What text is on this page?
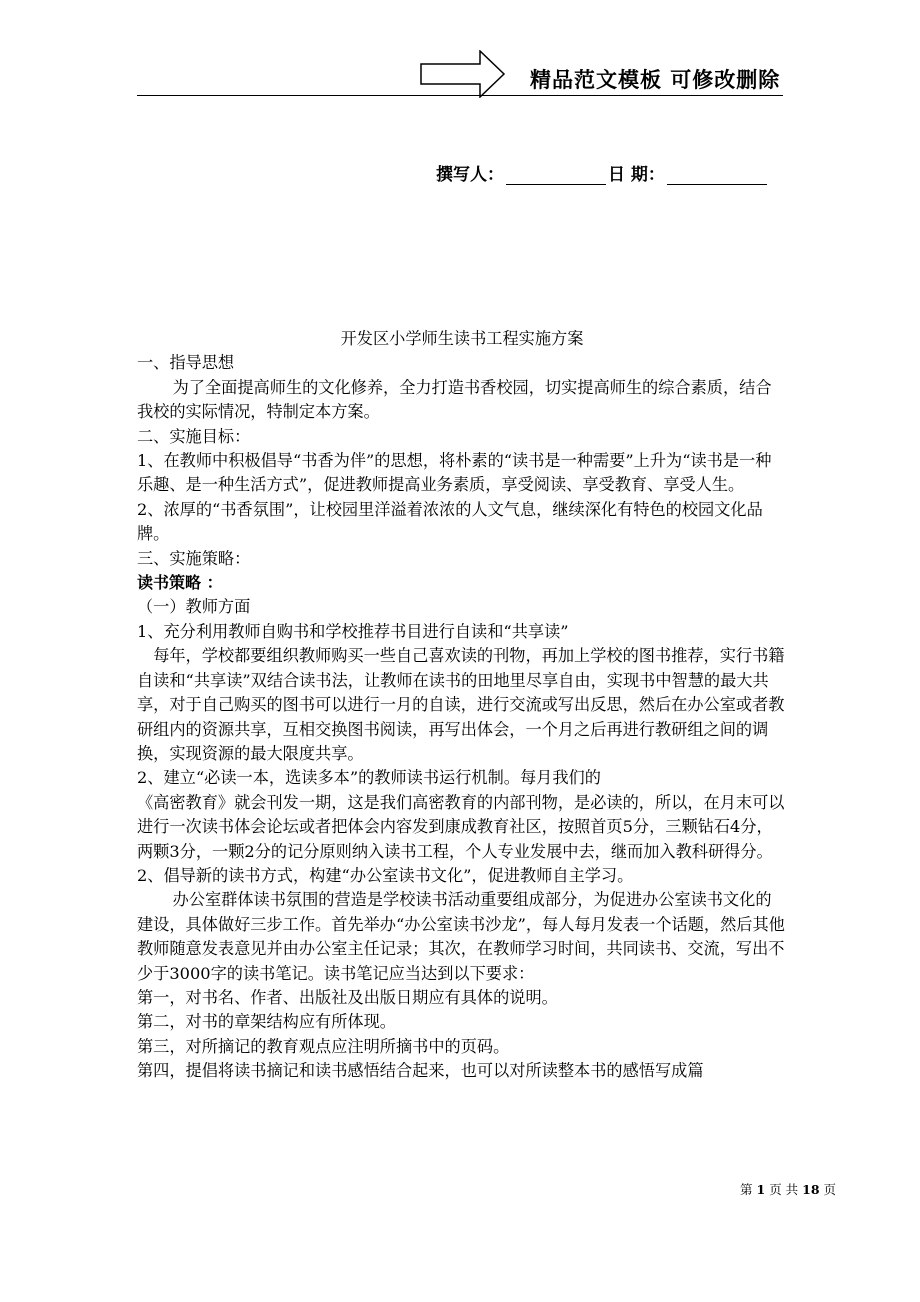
精品范文模板 可修改删除
撰写人：	日 期：

开发区小学师生读书工程实施方案

一、指导思想

为了全面提高师生的文化修养，全力打造书香校园，切实提高师生的综合素质，结合我校的实际情况，特制定本方案。

二、实施目标：

1、在教师中积极倡导“书香为伴”的思想，将朴素的“读书是一种需要”上升为“读书是一种乐趣、是一种生活方式”，促进教师提高业务素质，享受阅读、享受教育、享受人生。

2、浓厚的“书香氛围”，让校园里洋溢着浓浓的人文气息，继续深化有特色的校园文化品牌。

三、实施策略：

读书策略 ：

（一）教师方面

1、充分利用教师自购书和学校推荐书目进行自读和“共享读”

每年，学校都要组织教师购买一些自己喜欢读的刊物，再加上学校的图书推荐，实行书籍自读和“共享读”双结合读书法，让教师在读书的田地里尽享自由，实现书中智慧的最大共享，对于自己购买的图书可以进行一月的自读，进行交流或写出反思，然后在办公室或者教研组内的资源共享，互相交换图书阅读，再写出体会，一个月之后再进行教研组之间的调换，实现资源的最大限度共享。

2、建立“必读一本，选读多本”的教师读书运行机制。每月我们的

《高密教育》就会刊发一期，这是我们高密教育的内部刊物，是必读的，所以，在月末可以进行一次读书体会论坛或者把体会内容发到康成教育社区，按照首页5分，三颗钻石4分，两颗3分，一颗2分的记分原则纳入读书工程，个人专业发展中去，继而加入教科研得分。

2、倡导新的读书方式，构建“办公室读书文化”，促进教师自主学习。

办公室群体读书氛围的营造是学校读书活动重要组成部分，为促进办公室读书文化的建设，具体做好三步工作。首先举办“办公室读书沙龙”，每人每月发表一个话题，然后其他教师随意发表意见并由办公室主任记录；其次，在教师学习时间，共同读书、交流，写出不少于3000字的读书笔记。读书笔记应当达到以下要求：

第一，对书名、作者、出版社及出版日期应有具体的说明。

第二，对书的章架结构应有所体现。

第三，对所摘记的教育观点应注明所摘书中的页码。

第四，提倡将读书摘记和读书感悟结合起来，也可以对所读整本书的感悟写成篇

第 1 页 共 18 页
